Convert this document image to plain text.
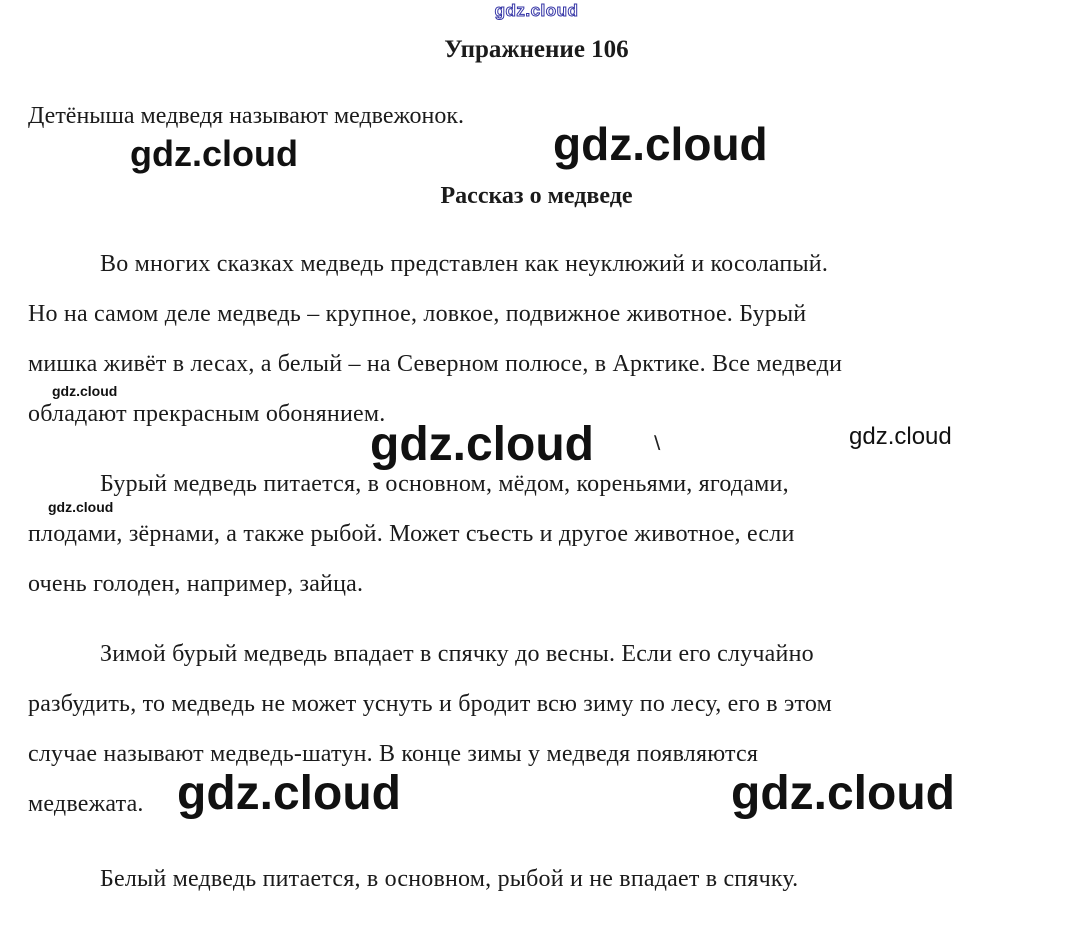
gdz.cloud
gdz.cloud	gdz.cloud
gdz.cloud
gdz.cloud	gdz.cloud
gdz.cloud
gdz.cloud	gdz.cloud
\
Упражнение 106
Детёныша медведя называют медвежонок.
Рассказ о медведе
Во многих сказках медведь представлен как неуклюжий и косолапый.
Но на самом деле медведь – крупное, ловкое, подвижное животное. Бурый
мишка живёт в лесах, а белый – на Северном полюсе, в Арктике. Все медведи
обладают прекрасным обонянием.
Бурый медведь питается, в основном, мёдом, кореньями, ягодами,
плодами, зёрнами, а также рыбой. Может съесть и другое животное, если
очень голоден, например, зайца.
Зимой бурый медведь впадает в спячку до весны. Если его случайно
разбудить, то медведь не может уснуть и бродит всю зиму по лесу, его в этом
случае называют медведь-шатун. В конце зимы у медведя появляются
медвежата.
Белый медведь питается, в основном, рыбой и не впадает в спячку.
